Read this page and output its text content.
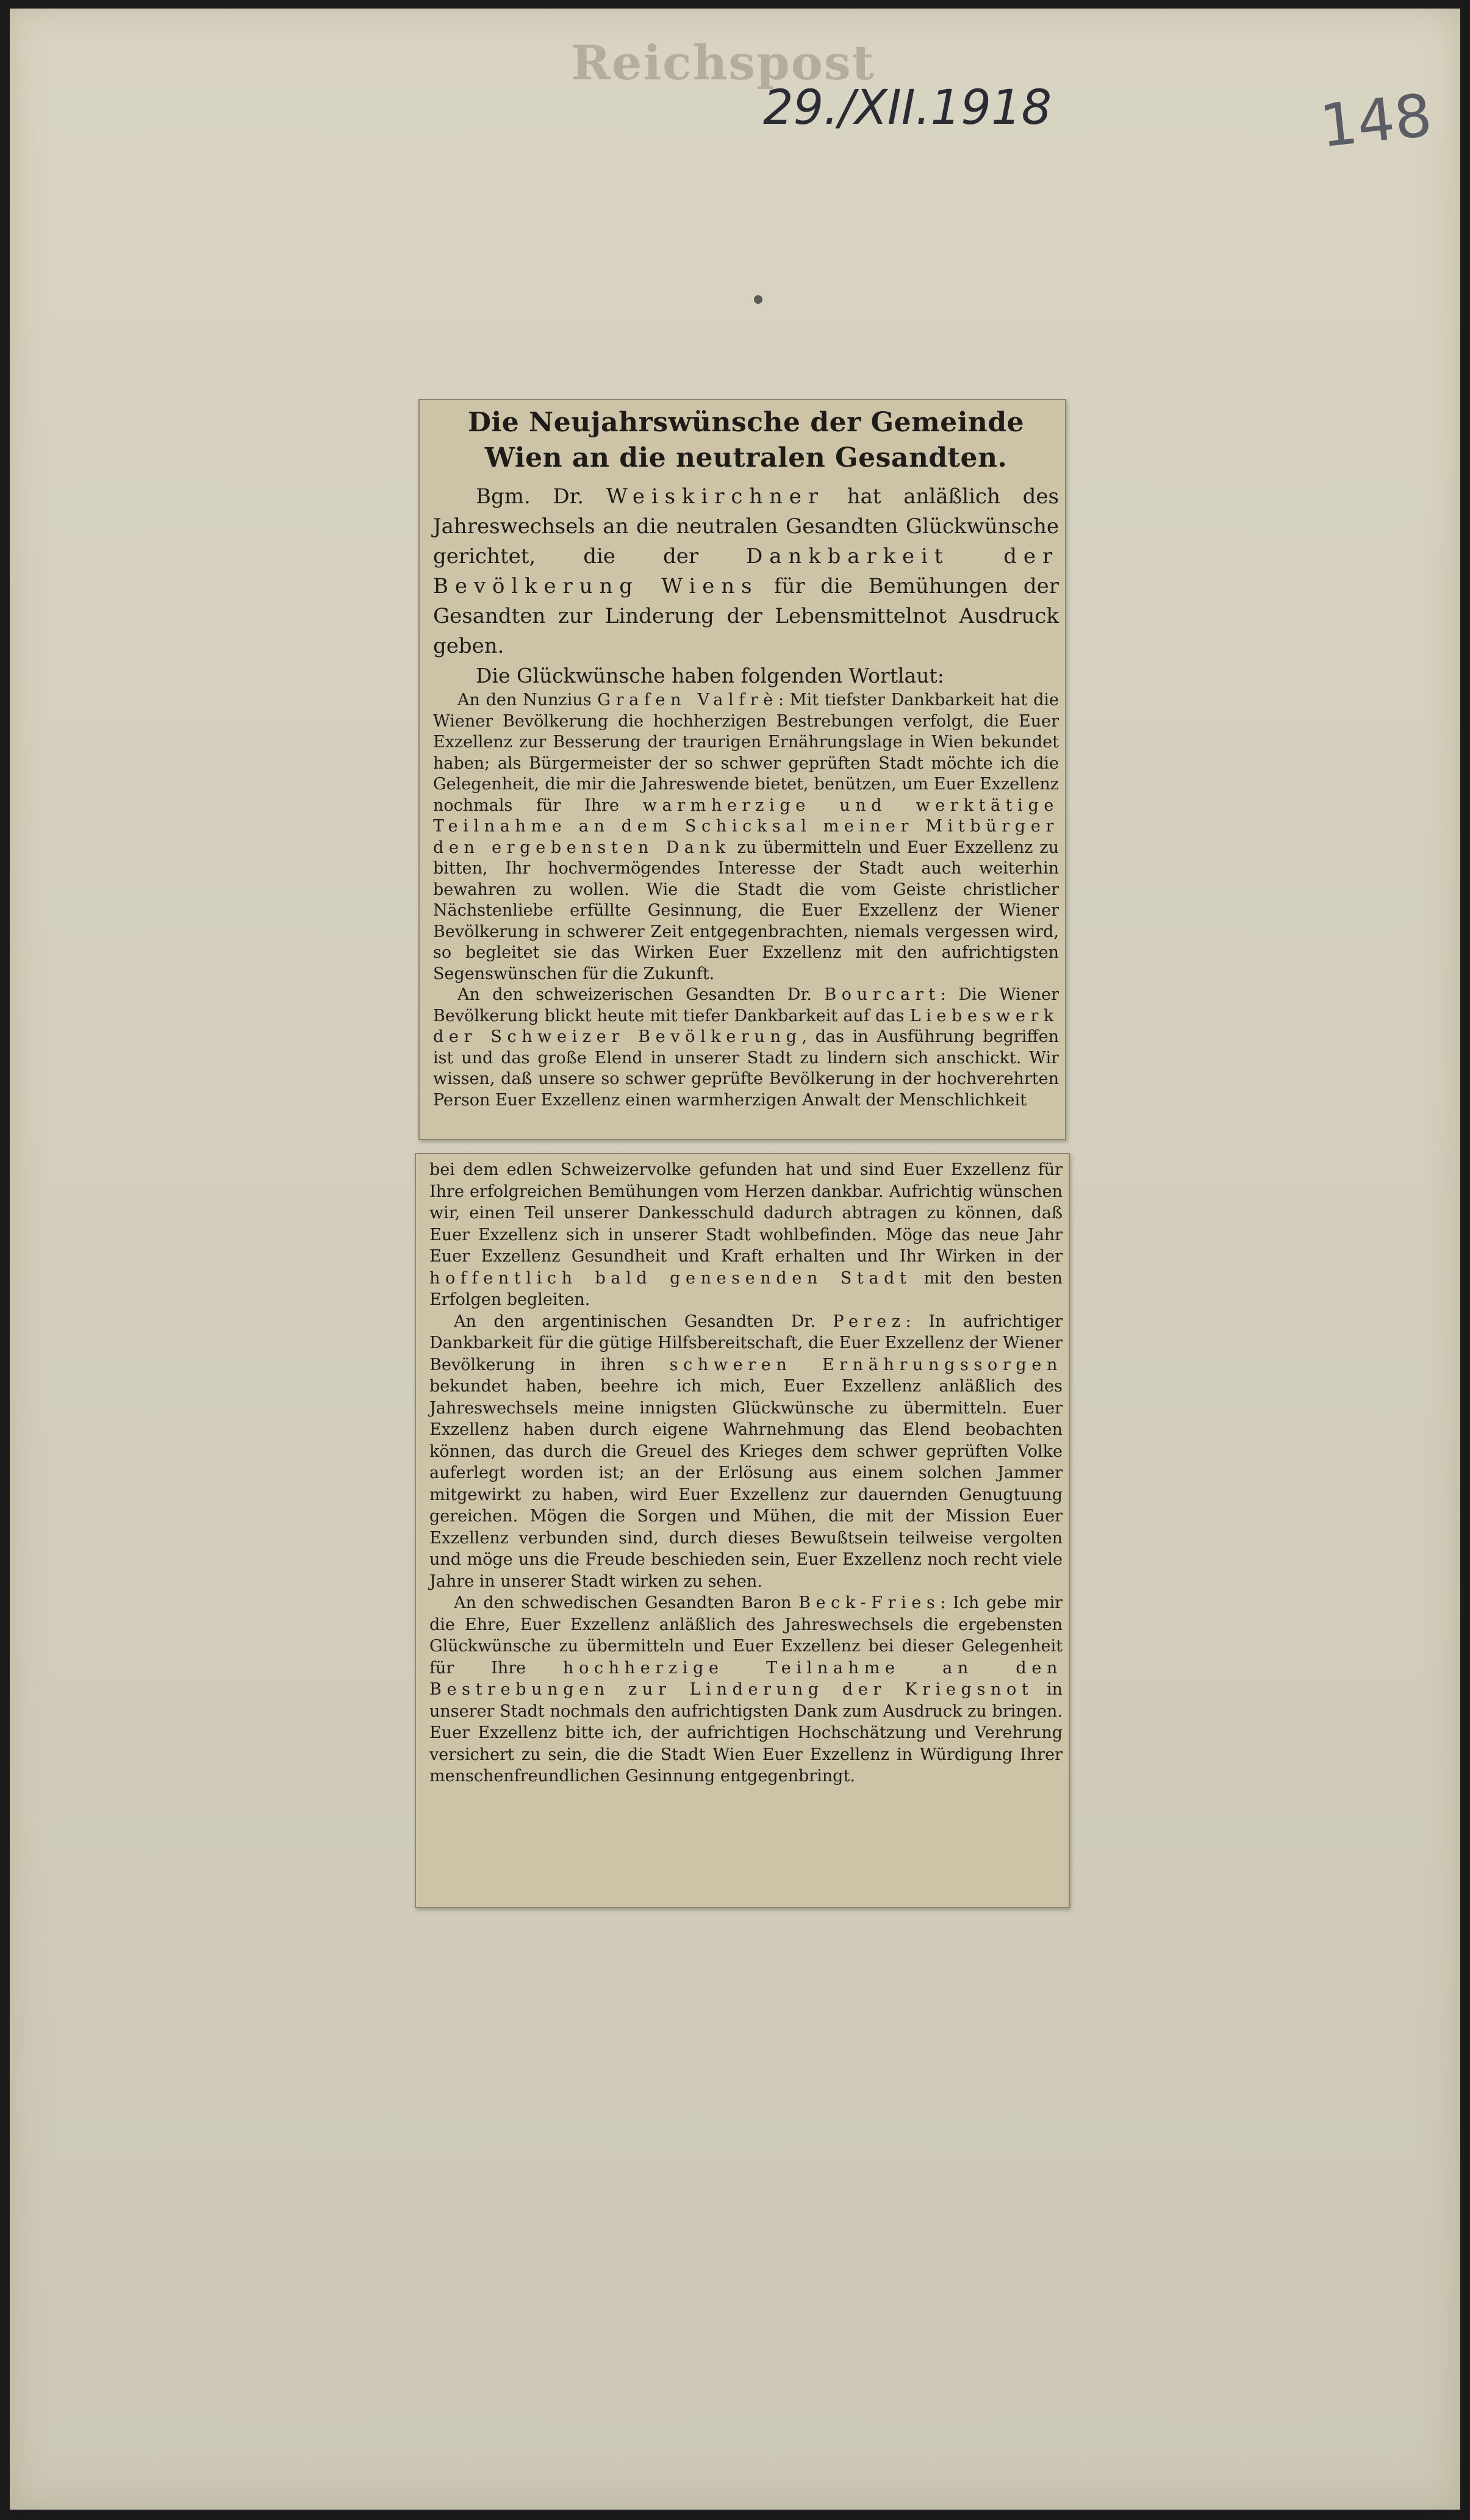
Reichspost
29./XII.1918	148
Die Neujahrswünsche der Gemeinde Wien an die neutralen Gesandten.

Bgm. Dr. Weiskirchner hat anläßlich des Jahreswechsels an die neutralen Gesandten Glückwünsche gerichtet, die der Dankbarkeit der Bevölkerung Wiens für die Bemühungen der Gesandten zur Linderung der Lebensmittelnot Ausdruck geben.

Die Glückwünsche haben folgenden Wortlaut:

An den Nunzius Grafen Valfrè: Mit tiefster Dankbarkeit hat die Wiener Bevölkerung die hochherzigen Bestrebungen verfolgt, die Euer Exzellenz zur Besserung der traurigen Ernährungslage in Wien bekundet haben; als Bürgermeister der so schwer geprüften Stadt möchte ich die Gelegenheit, die mir die Jahreswende bietet, benützen, um Euer Exzellenz nochmals für Ihre warmherzige und werktätige Teilnahme an dem Schicksal meiner Mitbürger den ergebensten Dank zu übermitteln und Euer Exzellenz zu bitten, Ihr hochvermögendes Interesse der Stadt auch weiterhin bewahren zu wollen. Wie die Stadt die vom Geiste christlicher Nächstenliebe erfüllte Gesinnung, die Euer Exzellenz der Wiener Bevölkerung in schwerer Zeit entgegenbrachten, niemals vergessen wird, so begleitet sie das Wirken Euer Exzellenz mit den aufrichtigsten Segenswünschen für die Zukunft.

An den schweizerischen Gesandten Dr. Bourcart: Die Wiener Bevölkerung blickt heute mit tiefer Dankbarkeit auf das Liebeswerk der Schweizer Bevölkerung, das in Ausführung begriffen ist und das große Elend in unserer Stadt zu lindern sich anschickt. Wir wissen, daß unsere so schwer geprüfte Bevölkerung in der hochverehrten Person Euer Exzellenz einen warmherzigen Anwalt der Menschlichkeit

bei dem edlen Schweizervolke gefunden hat und sind Euer Exzellenz für Ihre erfolgreichen Bemühungen vom Herzen dankbar. Aufrichtig wünschen wir, einen Teil unserer Dankesschuld dadurch abtragen zu können, daß Euer Exzellenz sich in unserer Stadt wohlbefinden. Möge das neue Jahr Euer Exzellenz Gesundheit und Kraft erhalten und Ihr Wirken in der hoffentlich bald genesenden Stadt mit den besten Erfolgen begleiten.

An den argentinischen Gesandten Dr. Perez: In aufrichtiger Dankbarkeit für die gütige Hilfsbereitschaft, die Euer Exzellenz der Wiener Bevölkerung in ihren schweren Ernährungssorgen bekundet haben, beehre ich mich, Euer Exzellenz anläßlich des Jahreswechsels meine innigsten Glückwünsche zu übermitteln. Euer Exzellenz haben durch eigene Wahrnehmung das Elend beobachten können, das durch die Greuel des Krieges dem schwer geprüften Volke auferlegt worden ist; an der Erlösung aus einem solchen Jammer mitgewirkt zu haben, wird Euer Exzellenz zur dauernden Genugtuung gereichen. Mögen die Sorgen und Mühen, die mit der Mission Euer Exzellenz verbunden sind, durch dieses Bewußtsein teilweise vergolten und möge uns die Freude beschieden sein, Euer Exzellenz noch recht viele Jahre in unserer Stadt wirken zu sehen.

An den schwedischen Gesandten Baron Beck-Fries: Ich gebe mir die Ehre, Euer Exzellenz anläßlich des Jahreswechsels die ergebensten Glückwünsche zu übermitteln und Euer Exzellenz bei dieser Gelegenheit für Ihre hochherzige Teilnahme an den Bestrebungen zur Linderung der Kriegsnot in unserer Stadt nochmals den aufrichtigsten Dank zum Ausdruck zu bringen. Euer Exzellenz bitte ich, der aufrichtigen Hochschätzung und Verehrung versichert zu sein, die die Stadt Wien Euer Exzellenz in Würdigung Ihrer menschenfreundlichen Gesinnung entgegenbringt.
